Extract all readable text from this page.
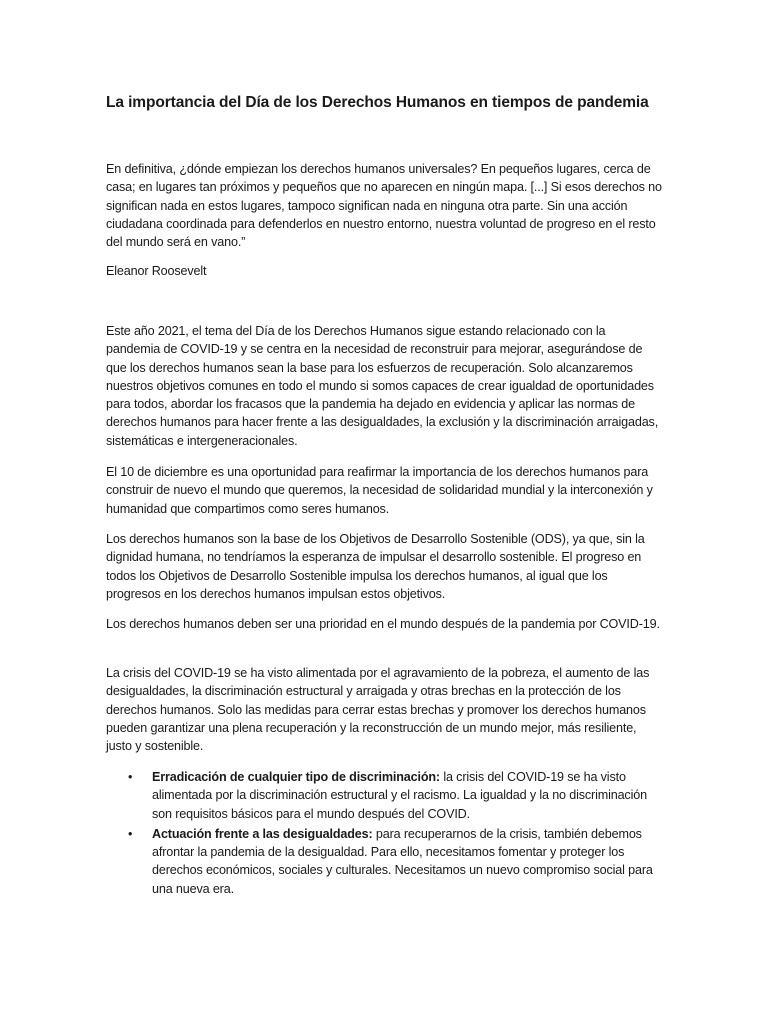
La importancia del Día de los Derechos Humanos en tiempos de pandemia

En definitiva, ¿dónde empiezan los derechos humanos universales? En pequeños lugares, cerca de casa; en lugares tan próximos y pequeños que no aparecen en ningún mapa. [...] Si esos derechos no significan nada en estos lugares, tampoco significan nada en ninguna otra parte. Sin una acción ciudadana coordinada para defenderlos en nuestro entorno, nuestra voluntad de progreso en el resto del mundo será en vano.”

Eleanor Roosevelt

Este año 2021, el tema del Día de los Derechos Humanos sigue estando relacionado con la pandemia de COVID-19 y se centra en la necesidad de reconstruir para mejorar, asegurándose de que los derechos humanos sean la base para los esfuerzos de recuperación. Solo alcanzaremos nuestros objetivos comunes en todo el mundo si somos capaces de crear igualdad de oportunidades para todos, abordar los fracasos que la pandemia ha dejado en evidencia y aplicar las normas de derechos humanos para hacer frente a las desigualdades, la exclusión y la discriminación arraigadas, sistemáticas e intergeneracionales.

El 10 de diciembre es una oportunidad para reafirmar la importancia de los derechos humanos para construir de nuevo el mundo que queremos, la necesidad de solidaridad mundial y la interconexión y humanidad que compartimos como seres humanos.

Los derechos humanos son la base de los Objetivos de Desarrollo Sostenible (ODS), ya que, sin la dignidad humana, no tendríamos la esperanza de impulsar el desarrollo sostenible. El progreso en todos los Objetivos de Desarrollo Sostenible impulsa los derechos humanos, al igual que los progresos en los derechos humanos impulsan estos objetivos.

Los derechos humanos deben ser una prioridad en el mundo después de la pandemia por COVID-19.

La crisis del COVID-19 se ha visto alimentada por el agravamiento de la pobreza, el aumento de las desigualdades, la discriminación estructural y arraigada y otras brechas en la protección de los derechos humanos. Solo las medidas para cerrar estas brechas y promover los derechos humanos pueden garantizar una plena recuperación y la reconstrucción de un mundo mejor, más resiliente, justo y sostenible.

• Erradicación de cualquier tipo de discriminación: la crisis del COVID-19 se ha visto alimentada por la discriminación estructural y el racismo. La igualdad y la no discriminación son requisitos básicos para el mundo después del COVID.
• Actuación frente a las desigualdades: para recuperarnos de la crisis, también debemos afrontar la pandemia de la desigualdad. Para ello, necesitamos fomentar y proteger los derechos económicos, sociales y culturales. Necesitamos un nuevo compromiso social para una nueva era.
